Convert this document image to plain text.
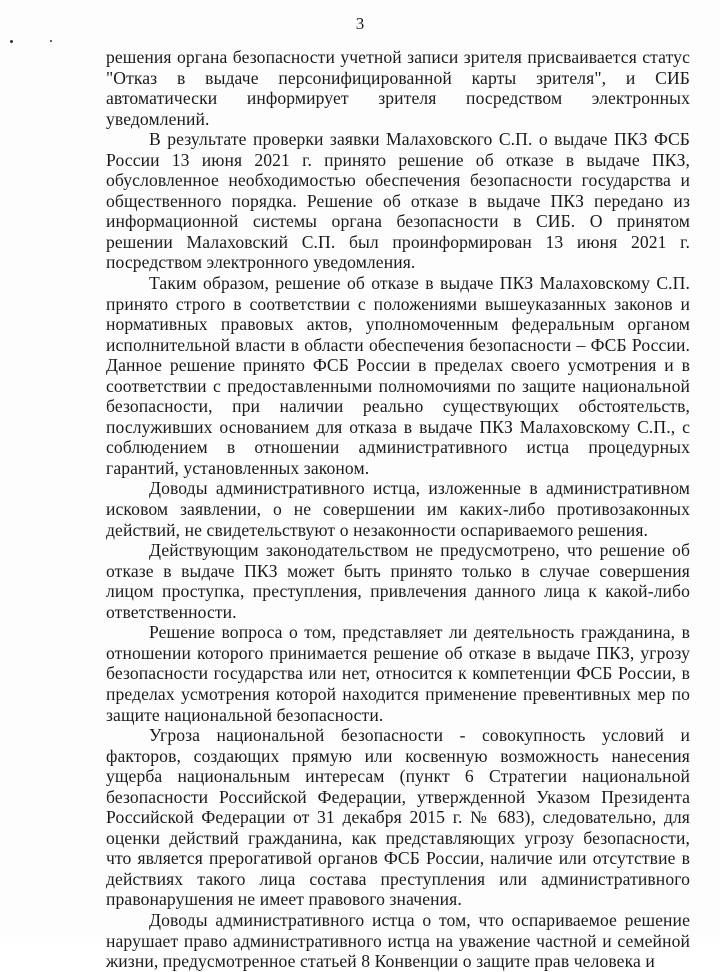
3

решения органа безопасности учетной записи зрителя присваивается статус "Отказ в выдаче персонифицированной карты зрителя", и СИБ автоматически информирует зрителя посредством электронных уведомлений.

В результате проверки заявки Малаховского С.П. о выдаче ПКЗ ФСБ России 13 июня 2021 г. принято решение об отказе в выдаче ПКЗ, обусловленное необходимостью обеспечения безопасности государства и общественного порядка. Решение об отказе в выдаче ПКЗ передано из информационной системы органа безопасности в СИБ. О принятом решении Малаховский С.П. был проинформирован 13 июня 2021 г. посредством электронного уведомления.

Таким образом, решение об отказе в выдаче ПКЗ Малаховскому С.П. принято строго в соответствии с положениями вышеуказанных законов и нормативных правовых актов, уполномоченным федеральным органом исполнительной власти в области обеспечения безопасности – ФСБ России. Данное решение принято ФСБ России в пределах своего усмотрения и в соответствии с предоставленными полномочиями по защите национальной безопасности, при наличии реально существующих обстоятельств, послуживших основанием для отказа в выдаче ПКЗ Малаховскому С.П., с соблюдением в отношении административного истца процедурных гарантий, установленных законом.

Доводы административного истца, изложенные в административном исковом заявлении, о не совершении им каких-либо противозаконных действий, не свидетельствуют о незаконности оспариваемого решения.

Действующим законодательством не предусмотрено, что решение об отказе в выдаче ПКЗ может быть принято только в случае совершения лицом проступка, преступления, привлечения данного лица к какой-либо ответственности.

Решение вопроса о том, представляет ли деятельность гражданина, в отношении которого принимается решение об отказе в выдаче ПКЗ, угрозу безопасности государства или нет, относится к компетенции ФСБ России, в пределах усмотрения которой находится применение превентивных мер по защите национальной безопасности.

Угроза национальной безопасности - совокупность условий и факторов, создающих прямую или косвенную возможность нанесения ущерба национальным интересам (пункт 6 Стратегии национальной безопасности Российской Федерации, утвержденной Указом Президента Российской Федерации от 31 декабря 2015 г. № 683), следовательно, для оценки действий гражданина, как представляющих угрозу безопасности, что является прерогативой органов ФСБ России, наличие или отсутствие в действиях такого лица состава преступления или административного правонарушения не имеет правового значения.

Доводы административного истца о том, что оспариваемое решение нарушает право административного истца на уважение частной и семейной жизни, предусмотренное статьей 8 Конвенции о защите прав человека и
